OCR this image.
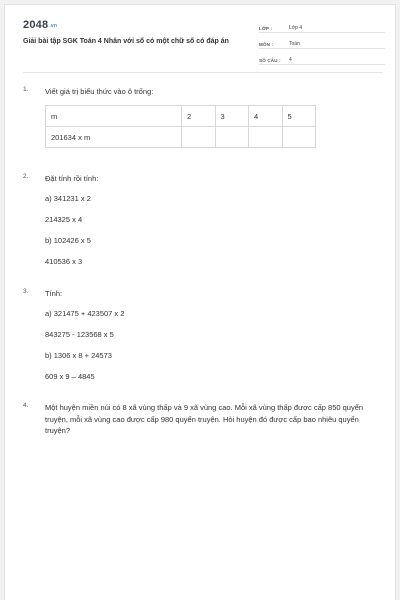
2048.vn
Giải bài tập SGK Toán 4 Nhân với số có một chữ số có đáp án
LỚP :	Lớp 4
MÔN :	Toán
SỐ CÂU :	4
1.	Viết giá trị biểu thức vào ô trống:
m	2	3	4	5
201634 x m				
2.	Đặt tính rồi tính:
a) 341231 x 2
214325 x 4
b) 102426 x 5
410536 x 3
3.	Tính:
a) 321475 + 423507 x 2
843275 - 123568 x 5
b) 1306 x 8 + 24573
609 x 9 – 4845
4.	Một huyện miền núi có 8 xã vùng thấp và 9 xã vùng cao. Mỗi xã vùng thấp được cấp 850 quyển truyện, mỗi xã vùng cao được cấp 980 quyển truyện. Hỏi huyện đó được cấp bao nhiêu quyển truyện?
